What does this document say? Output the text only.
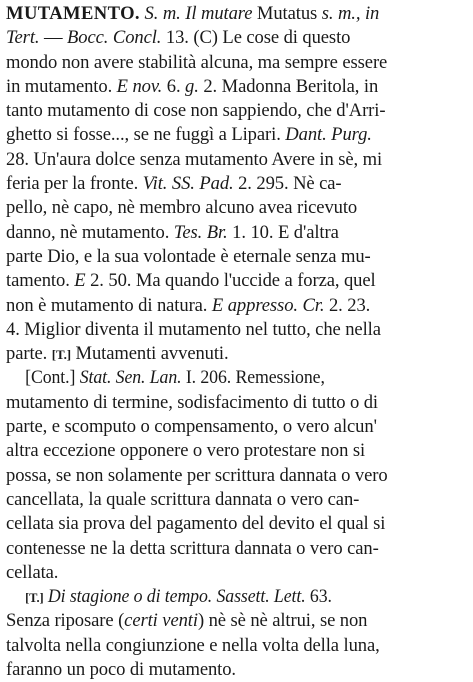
MUTAMENTO. S. m. Il mutare Mutatus s. m., in
Tert. — Bocc. Concl. 13. (C) Le cose di questo
mondo non avere stabilità alcuna, ma sempre essere
in mutamento. E nov. 6. g. 2. Madonna Beritola, in
tanto mutamento di cose non sappiendo, che d'Arri-
ghetto si fosse..., se ne fuggì a Lipari. Dant. Purg.
28. Un'aura dolce senza mutamento Avere in sè, mi
feria per la fronte. Vit. SS. Pad. 2. 295. Nè ca-
pello, nè capo, nè membro alcuno avea ricevuto
danno, nè mutamento. Tes. Br. 1. 10. E d'altra
parte Dio, e la sua volontade è eternale senza mu-
tamento. E 2. 50. Ma quando l'uccide a forza, quel
non è mutamento di natura. E appresso. Cr. 2. 23.
4. Miglior diventa il mutamento nel tutto, che nella
parte. [T.] Mutamenti avvenuti.
[Cont.] Stat. Sen. Lan. I. 206. Remessione,
mutamento di termine, sodisfacimento di tutto o di
parte, e scomputo o compensamento, o vero alcun'
altra eccezione opponere o vero protestare non si
possa, se non solamente per scrittura dannata o vero
cancellata, la quale scrittura dannata o vero can-
cellata sia prova del pagamento del devito el qual si
contenesse ne la detta scrittura dannata o vero can-
cellata.
[T.] Di stagione o di tempo. Sassett. Lett. 63.
Senza riposare (certi venti) nè sè nè altrui, se non
talvolta nella congiunzione e nella volta della luna,
faranno un poco di mutamento.
